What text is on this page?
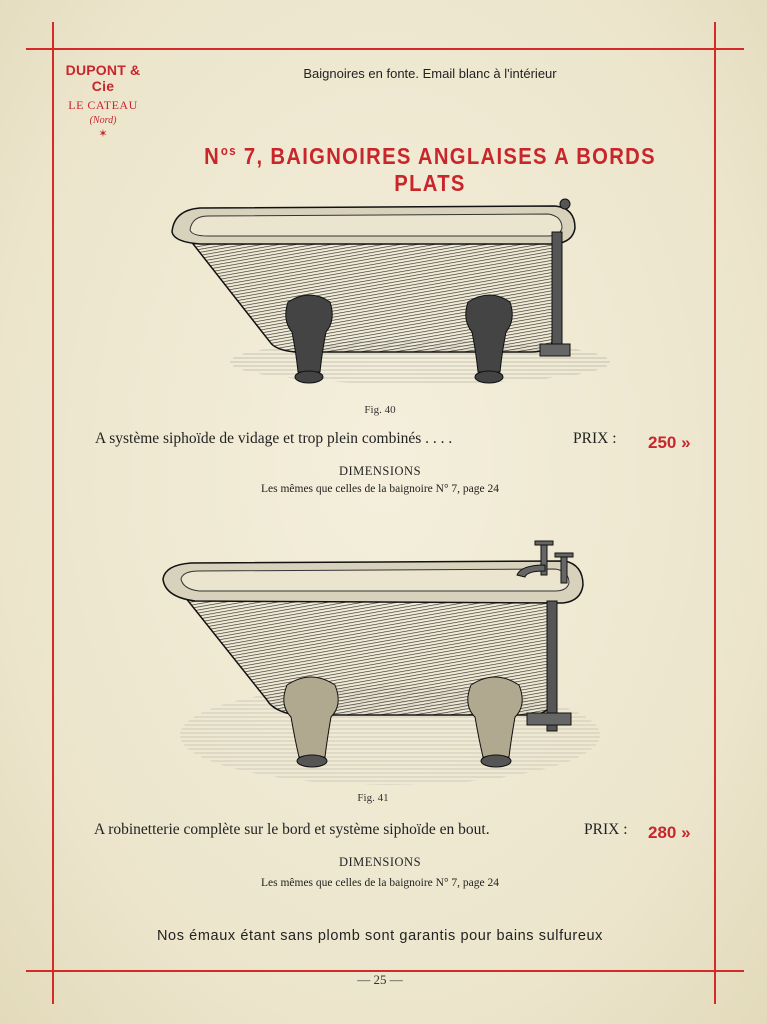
DUPONT & Cie
LE CATEAU
(Nord)
✶
Baignoires en fonte. Email blanc à l'intérieur
$N^{os}$ 7, BAIGNOIRES ANGLAISES A BORDS PLATS
Fig. 40
A système siphoïde de vidage et trop plein combinés . . . .	PRIX : 250 »
DIMENSIONS
Les mêmes que celles de la baignoire N° 7, page 24
Fig. 41
A robinetterie complète sur le bord et système siphoïde en bout.	PRIX : 280 »
DIMENSIONS
Les mêmes que celles de la baignoire N° 7, page 24
Nos émaux étant sans plomb sont garantis pour bains sulfureux
— 25 —
